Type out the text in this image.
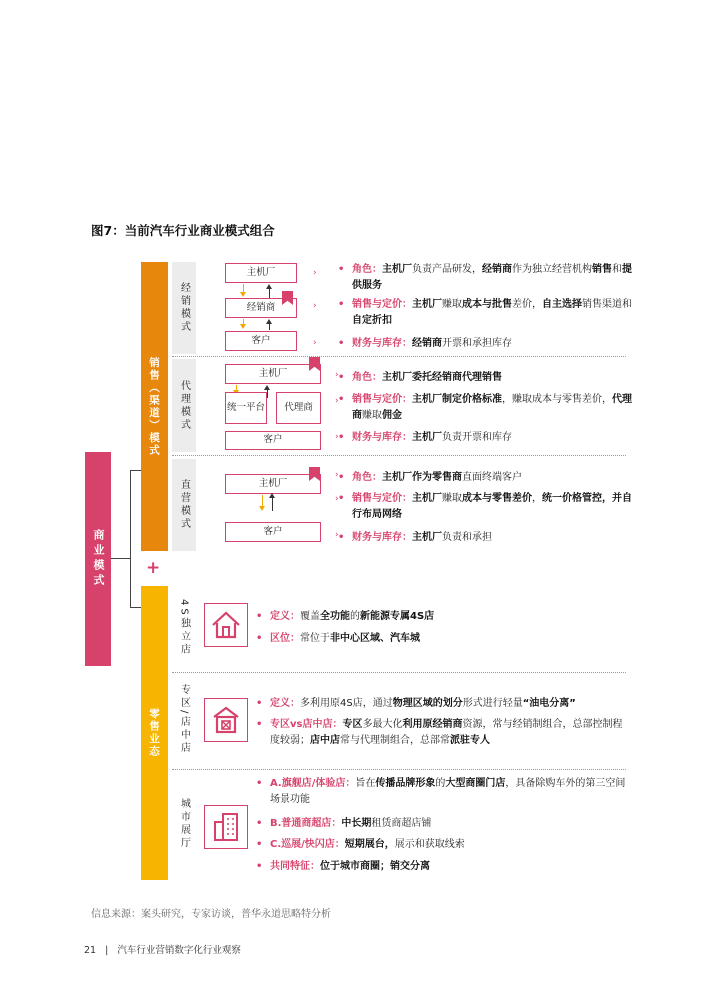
图7：当前汽车行业商业模式组合
商业模式
销售（渠道）模式
+
零售业态
经销模式
主机厂
经销商
客户
›
›
›
• 角色：主机厂负责产品研发，经销商作为独立经营机构销售和提供服务
• 销售与定价：主机厂赚取成本与批售差价，自主选择销售渠道和自定折扣
• 财务与库存：经销商开票和承担库存
代理模式
主机厂
统一平台	代理商
客户
›
›
›
• 角色：主机厂委托经销商代理销售
• 销售与定价：主机厂制定价格标准，赚取成本与零售差价，代理商赚取佣金
• 财务与库存：主机厂负责开票和库存
直营模式	主机厂
客户
›
›
›
• 角色：主机厂作为零售商直面终端客户
• 销售与定价：主机厂赚取成本与零售差价，统一价格管控，并自行布局网络
• 财务与库存：主机厂负责和承担
4S独立店	• 定义：覆盖全功能的新能源专属4S店
• 区位：常位于非中心区域、汽车城
专区/店中店	• 定义：多利用原4S店，通过物理区域的划分形式进行轻量“油电分离”
• 专区vs店中店：专区多最大化利用原经销商资源，常与经销制组合，总部控制程度较弱；店中店常与代理制组合，总部常派驻专人
城市展厅
• A.旗舰店/体验店：旨在传播品牌形象的大型商圈门店，具备除购车外的第三空间场景功能
• B.普通商超店：中长期租赁商超店铺
• C.巡展/快闪店：短期展台，展示和获取线索
• 共同特征：位于城市商圈；销交分离
信息来源：案头研究，专家访谈，普华永道思略特分析
21 | 汽车行业营销数字化行业观察
